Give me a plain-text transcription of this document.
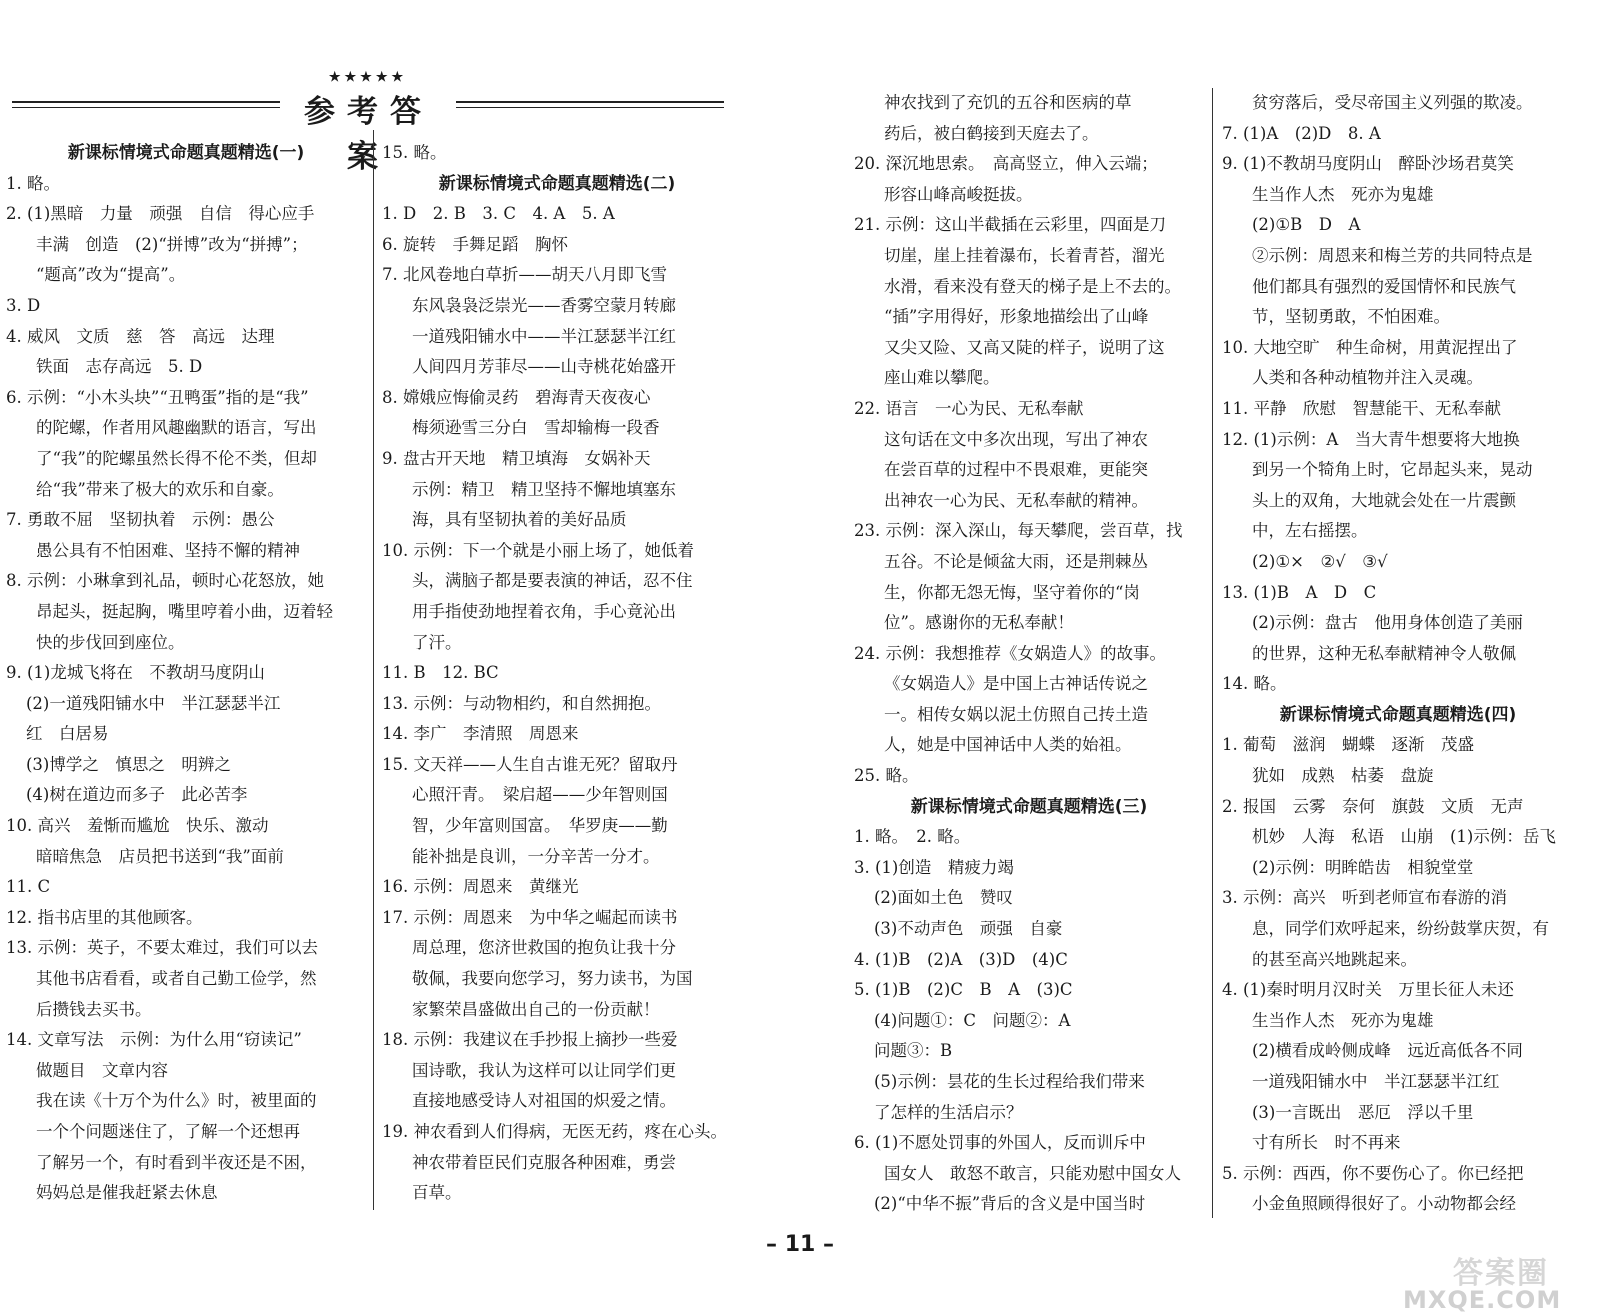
★★★★★
参考答案
新课标情境式命题真题精选(一)
1. 略。
2. (1)黑暗　力量　顽强　自信　得心应手
丰满　创造　(2)“拼博”改为“拼搏”；
“题高”改为“提高”。
3. D
4. 威风　文质　慈　答　高远　达理
铁面　志存高远　5. D
6. 示例：“小木头块”“丑鸭蛋”指的是“我”
的陀螺，作者用风趣幽默的语言，写出
了“我”的陀螺虽然长得不伦不类，但却
给“我”带来了极大的欢乐和自豪。
7. 勇敢不屈　坚韧执着　示例：愚公
愚公具有不怕困难、坚持不懈的精神
8. 示例：小琳拿到礼品，顿时心花怒放，她
昂起头，挺起胸，嘴里哼着小曲，迈着轻
快的步伐回到座位。
9. (1)龙城飞将在　不教胡马度阴山
(2)一道残阳铺水中　半江瑟瑟半江
红　白居易
(3)博学之　慎思之　明辨之
(4)树在道边而多子　此必苦李
10. 高兴　羞惭而尴尬　快乐、激动
暗暗焦急　店员把书送到“我”面前
11. C
12. 指书店里的其他顾客。
13. 示例：英子，不要太难过，我们可以去
其他书店看看，或者自己勤工俭学，然
后攒钱去买书。
14. 文章写法　示例：为什么用“窃读记”
做题目　文章内容
我在读《十万个为什么》时，被里面的
一个个问题迷住了，了解一个还想再
了解另一个，有时看到半夜还是不困，
妈妈总是催我赶紧去休息
15. 略。
新课标情境式命题真题精选(二)
1. D　2. B　3. C　4. A　5. A
6. 旋转　手舞足蹈　胸怀
7. 北风卷地白草折——胡天八月即飞雪
东风袅袅泛崇光——香雾空蒙月转廊
一道残阳铺水中——半江瑟瑟半江红
人间四月芳菲尽——山寺桃花始盛开
8. 嫦娥应悔偷灵药　碧海青天夜夜心
梅须逊雪三分白　雪却输梅一段香
9. 盘古开天地　精卫填海　女娲补天
示例：精卫　精卫坚持不懈地填塞东
海，具有坚韧执着的美好品质
10. 示例：下一个就是小丽上场了，她低着
头，满脑子都是要表演的神话，忍不住
用手指使劲地捏着衣角，手心竟沁出
了汗。
11. B　12. BC
13. 示例：与动物相约，和自然拥抱。
14. 李广　李清照　周恩来
15. 文天祥——人生自古谁无死？留取丹
心照汗青。　梁启超——少年智则国
智，少年富则国富。　华罗庚——勤
能补拙是良训，一分辛苦一分才。
16. 示例：周恩来　黄继光
17. 示例：周恩来　为中华之崛起而读书
周总理，您济世救国的抱负让我十分
敬佩，我要向您学习，努力读书，为国
家繁荣昌盛做出自己的一份贡献！
18. 示例：我建议在手抄报上摘抄一些爱
国诗歌，我认为这样可以让同学们更
直接地感受诗人对祖国的炽爱之情。
19. 神农看到人们得病，无医无药，疼在心头。
神农带着臣民们克服各种困难，勇尝
百草。
神农找到了充饥的五谷和医病的草
药后，被白鹤接到天庭去了。
20. 深沉地思索。　高高竖立，伸入云端；
形容山峰高峻挺拔。
21. 示例：这山半截插在云彩里，四面是刀
切崖，崖上挂着瀑布，长着青苔，溜光
水滑，看来没有登天的梯子是上不去的。
“插”字用得好，形象地描绘出了山峰
又尖又险、又高又陡的样子，说明了这
座山难以攀爬。
22. 语言　一心为民、无私奉献
这句话在文中多次出现，写出了神农
在尝百草的过程中不畏艰难，更能突
出神农一心为民、无私奉献的精神。
23. 示例：深入深山，每天攀爬，尝百草，找
五谷。不论是倾盆大雨，还是荆棘丛
生，你都无怨无悔，坚守着你的“岗
位”。感谢你的无私奉献！
24. 示例：我想推荐《女娲造人》的故事。
《女娲造人》是中国上古神话传说之
一。相传女娲以泥土仿照自己抟土造
人，她是中国神话中人类的始祖。
25. 略。
新课标情境式命题真题精选(三)
1. 略。　2. 略。
3. (1)创造　精疲力竭
(2)面如土色　赞叹
(3)不动声色　顽强　自豪
4. (1)B　(2)A　(3)D　(4)C
5. (1)B　(2)C　B　A　(3)C
(4)问题①：C　问题②：A
问题③：B
(5)示例：昙花的生长过程给我们带来
了怎样的生活启示？
6. (1)不愿处罚事的外国人，反而训斥中
国女人　敢怒不敢言，只能劝慰中国女人
(2)“中华不振”背后的含义是中国当时
贫穷落后，受尽帝国主义列强的欺凌。
7. (1)A　(2)D　8. A
9. (1)不教胡马度阴山　醉卧沙场君莫笑
生当作人杰　死亦为鬼雄
(2)①B　D　A
②示例：周恩来和梅兰芳的共同特点是
他们都具有强烈的爱国情怀和民族气
节，坚韧勇敢，不怕困难。
10. 大地空旷　种生命树，用黄泥捏出了
人类和各种动植物并注入灵魂。
11. 平静　欣慰　智慧能干、无私奉献
12. (1)示例：A　当大青牛想要将大地换
到另一个犄角上时，它昂起头来，晃动
头上的双角，大地就会处在一片震颤
中，左右摇摆。
(2)①×　②√　③√
13. (1)B　A　D　C
(2)示例：盘古　他用身体创造了美丽
的世界，这种无私奉献精神令人敬佩
14. 略。
新课标情境式命题真题精选(四)
1. 葡萄　滋润　蝴蝶　逐渐　茂盛
犹如　成熟　枯萎　盘旋
2. 报国　云雾　奈何　旗鼓　文质　无声
机妙　人海　私语　山崩　(1)示例：岳飞
(2)示例：明眸皓齿　相貌堂堂
3. 示例：高兴　听到老师宣布春游的消
息，同学们欢呼起来，纷纷鼓掌庆贺，有
的甚至高兴地跳起来。
4. (1)秦时明月汉时关　万里长征人未还
生当作人杰　死亦为鬼雄
(2)横看成岭侧成峰　远近高低各不同
一道残阳铺水中　半江瑟瑟半江红
(3)一言既出　恶厄　浮以千里
寸有所长　时不再来
5. 示例：西西，你不要伤心了。你已经把
小金鱼照顾得很好了。小动物都会经
– 11 –
答案圈
MXQE.COM
